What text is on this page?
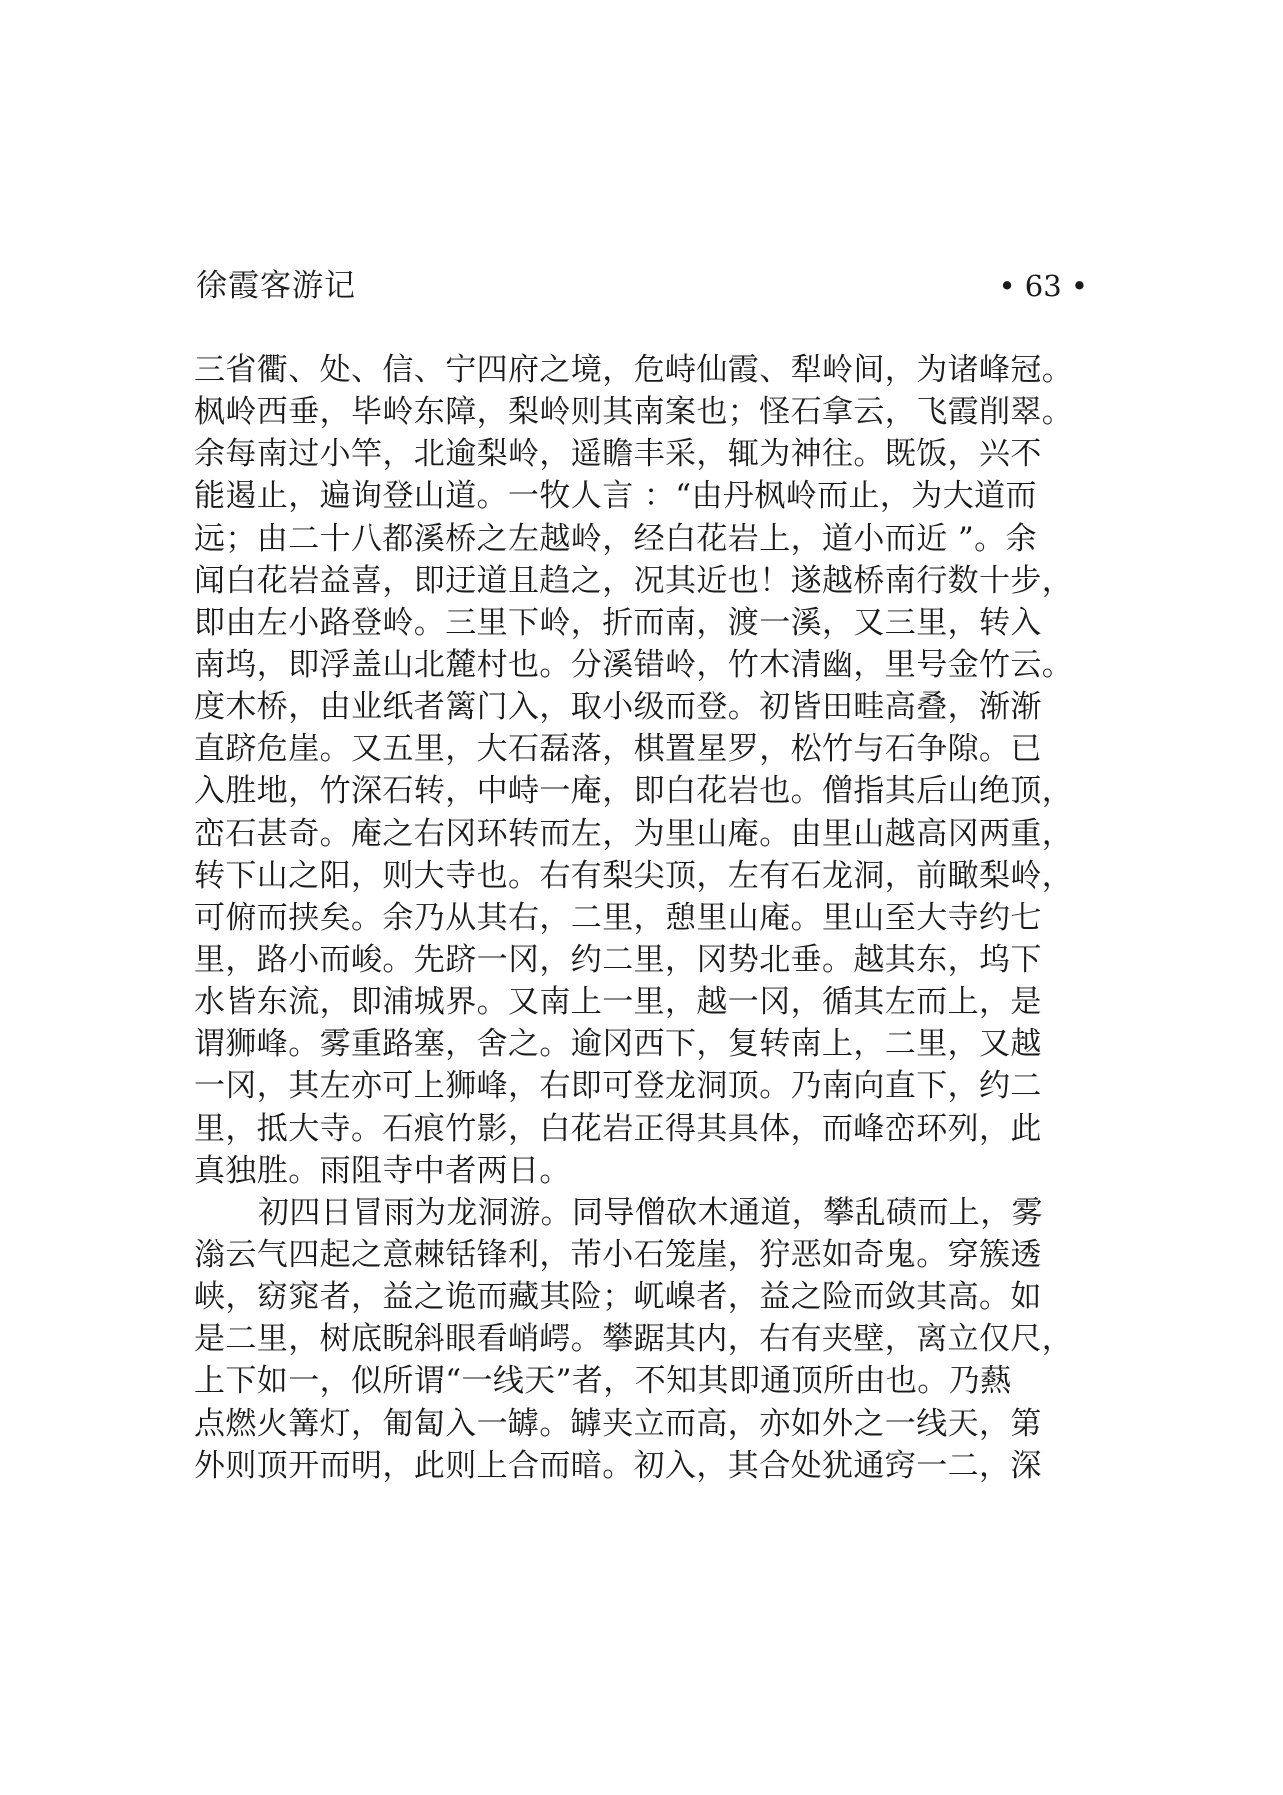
徐霞客游记	• 63 •
三省衢、处、信、宁四府之境，危峙仙霞、犁岭间，为诸峰冠。
枫岭西垂，毕岭东障，梨岭则其南案也；怪石拿云，飞霞削翠。
余每南过小竿，北逾梨岭，遥瞻丰采，辄为神往。既饭，兴不
能遏止，遍询登山道。一牧人言 ：“由丹枫岭而止，为大道而
远；由二十八都溪桥之左越岭，经白花岩上，道小而近 ”。余
闻白花岩益喜，即迂道且趋之，况其近也！遂越桥南行数十步，
即由左小路登岭。三里下岭，折而南，渡一溪，又三里，转入
南坞，即浮盖山北麓村也。分溪错岭，竹木清幽，里号金竹云。
度木桥，由业纸者篱门入，取小级而登。初皆田畦高叠，渐渐
直跻危崖。又五里，大石磊落，棋置星罗，松竹与石争隙。已
入胜地，竹深石转，中峙一庵，即白花岩也。僧指其后山绝顶，
峦石甚奇。庵之右冈环转而左，为里山庵。由里山越高冈两重，
转下山之阳，则大寺也。右有梨尖顶，左有石龙洞，前瞰梨岭，
可俯而挟矣。余乃从其右，二里，憩里山庵。里山至大寺约七
里，路小而峻。先跻一冈，约二里，冈势北垂。越其东，坞下
水皆东流，即浦城界。又南上一里，越一冈，循其左而上，是
谓狮峰。雾重路塞，舍之。逾冈西下，复转南上，二里，又越
一冈，其左亦可上狮峰，右即可登龙洞顶。乃南向直下，约二
里，抵大寺。石痕竹影，白花岩正得其具体，而峰峦环列，此
真独胜。雨阻寺中者两日。
初四日冒雨为龙洞游。同导僧砍木通道，攀乱碛而上，雾
滃云气四起之意棘铦锋利，芾小石笼崖，狞恶如奇鬼。穿簇透
峡，窈窕者，益之诡而藏其险；屼嵲者，益之险而敛其高。如
是二里，树底睨斜眼看峭崿。攀踞其内，右有夹壁，离立仅尺，
上下如一，似所谓“一线天”者，不知其即通顶所由也。乃爇
点燃火篝灯，匍匐入一罅。罅夹立而高，亦如外之一线天，第
外则顶开而明，此则上合而暗。初入，其合处犹通窍一二，深
